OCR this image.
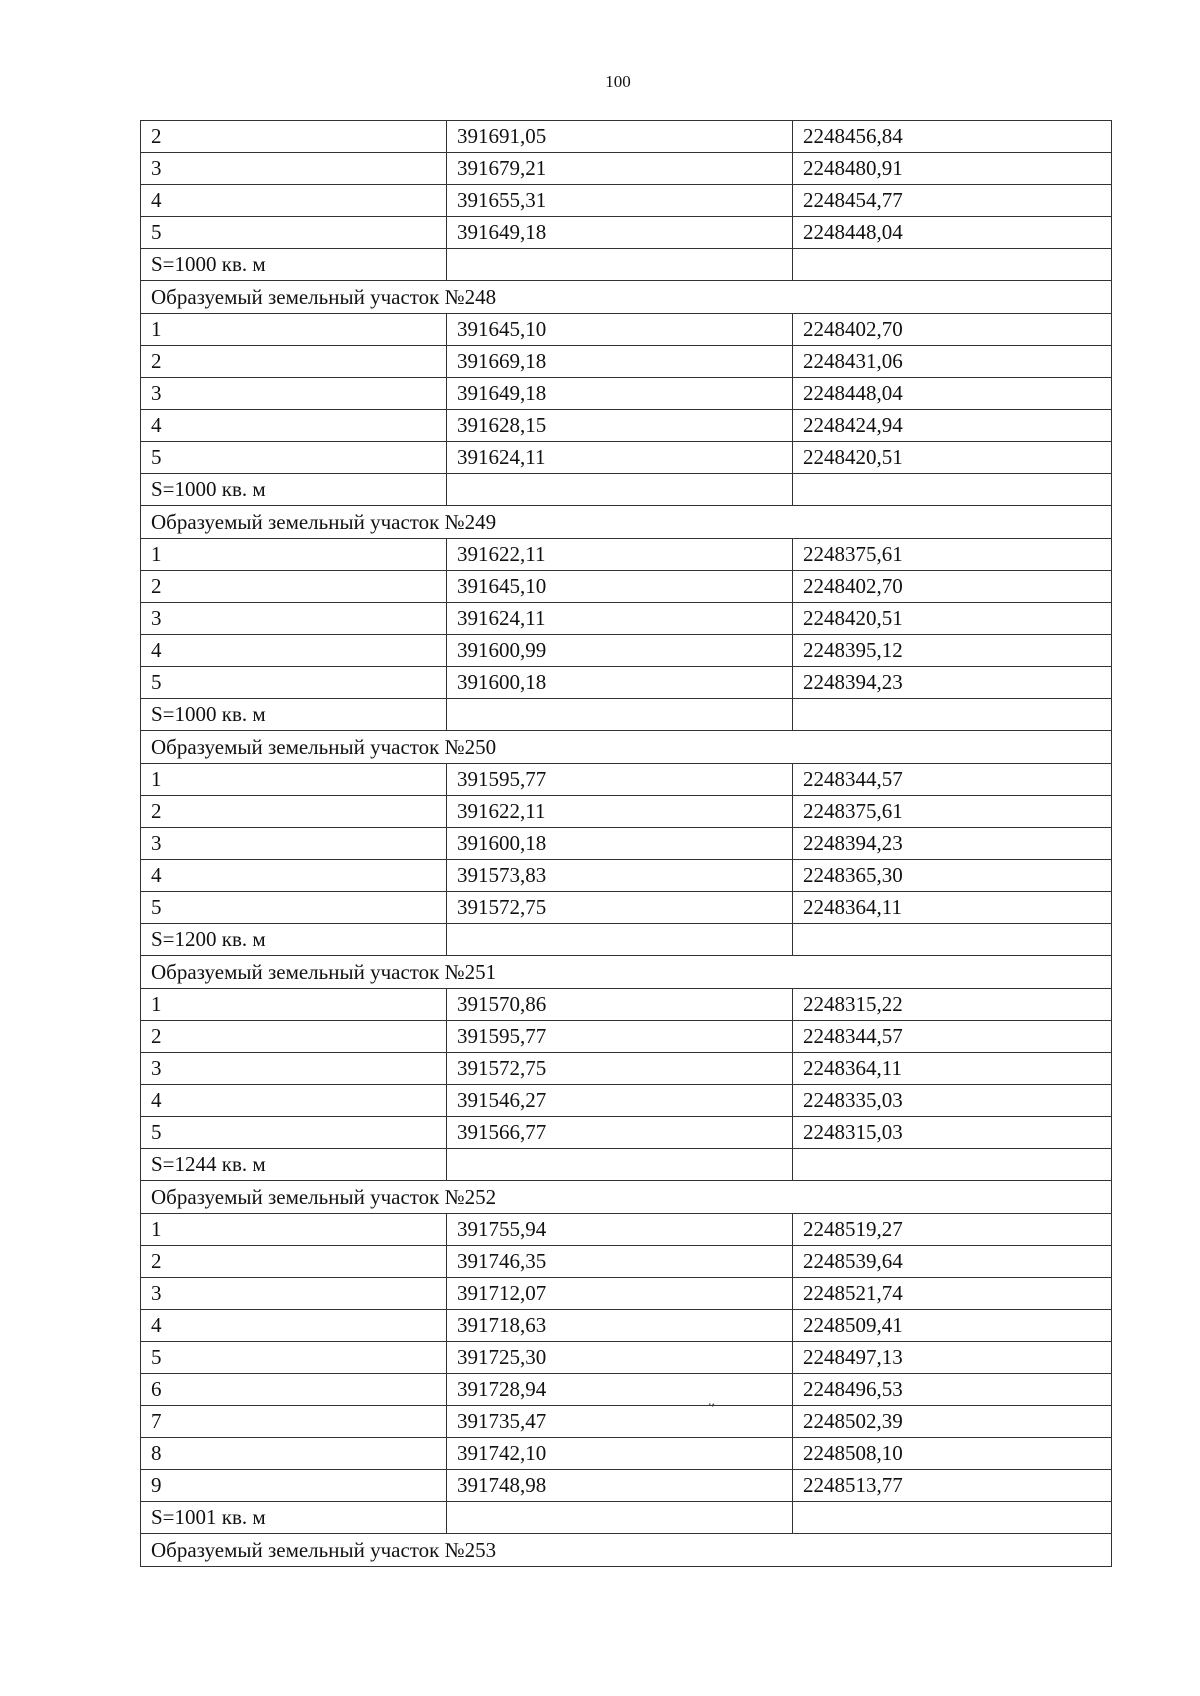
100
2	391691,05	2248456,84
3	391679,21	2248480,91
4	391655,31	2248454,77
5	391649,18	2248448,04
S=1000 кв. м		
Образуемый земельный участок №248		
1	391645,10	2248402,70
2	391669,18	2248431,06
3	391649,18	2248448,04
4	391628,15	2248424,94
5	391624,11	2248420,51
S=1000 кв. м		
Образуемый земельный участок №249		
1	391622,11	2248375,61
2	391645,10	2248402,70
3	391624,11	2248420,51
4	391600,99	2248395,12
5	391600,18	2248394,23
S=1000 кв. м		
Образуемый земельный участок №250		
1	391595,77	2248344,57
2	391622,11	2248375,61
3	391600,18	2248394,23
4	391573,83	2248365,30
5	391572,75	2248364,11
S=1200 кв. м		
Образуемый земельный участок №251		
1	391570,86	2248315,22
2	391595,77	2248344,57
3	391572,75	2248364,11
4	391546,27	2248335,03
5	391566,77	2248315,03
S=1244 кв. м		
Образуемый земельный участок №252		
1	391755,94	2248519,27
2	391746,35	2248539,64
3	391712,07	2248521,74
4	391718,63	2248509,41
5	391725,30	2248497,13
6	391728,94	2248496,53
7	391735,47	2248502,39
8	391742,10	2248508,10
9	391748,98	2248513,77
S=1001 кв. м		
Образуемый земельный участок №253		
.,
